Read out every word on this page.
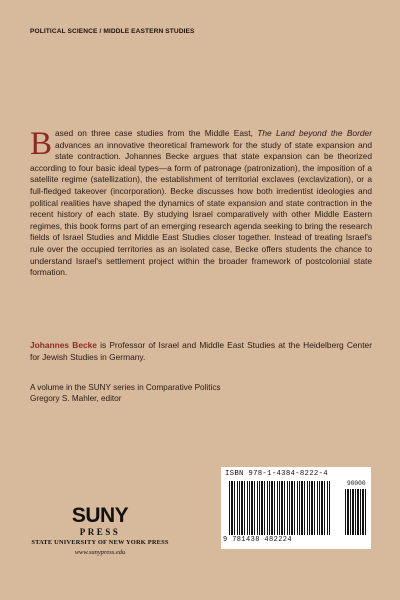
POLITICAL SCIENCE / MIDDLE EASTERN STUDIES
Based on three case studies from the Middle East, The Land beyond the Border advances an innovative theoretical framework for the study of state expansion and state contraction. Johannes Becke argues that state expansion can be theorized according to four basic ideal types—a form of patronage (patronization), the imposition of a satellite regime (satellization), the establishment of territorial exclaves (exclavization), or a full-fledged takeover (incorporation). Becke discusses how both irredentist ideologies and political realities have shaped the dynamics of state expansion and state contraction in the recent history of each state. By studying Israel comparatively with other Middle Eastern regimes, this book forms part of an emerging research agenda seeking to bring the research fields of Israel Studies and Middle East Studies closer together. Instead of treating Israel's rule over the occupied territories as an isolated case, Becke offers students the chance to understand Israel's settlement project within the broader framework of postcolonial state formation.
Johannes Becke is Professor of Israel and Middle East Studies at the Heidelberg Center for Jewish Studies in Germany.
A volume in the SUNY series in Comparative Politics
Gregory S. Mahler, editor
ISBN 978-1-4384-8222-4
90000
9 781438 482224
SUNY
PRESS
STATE UNIVERSITY OF NEW YORK PRESS
www.sunypress.edu
